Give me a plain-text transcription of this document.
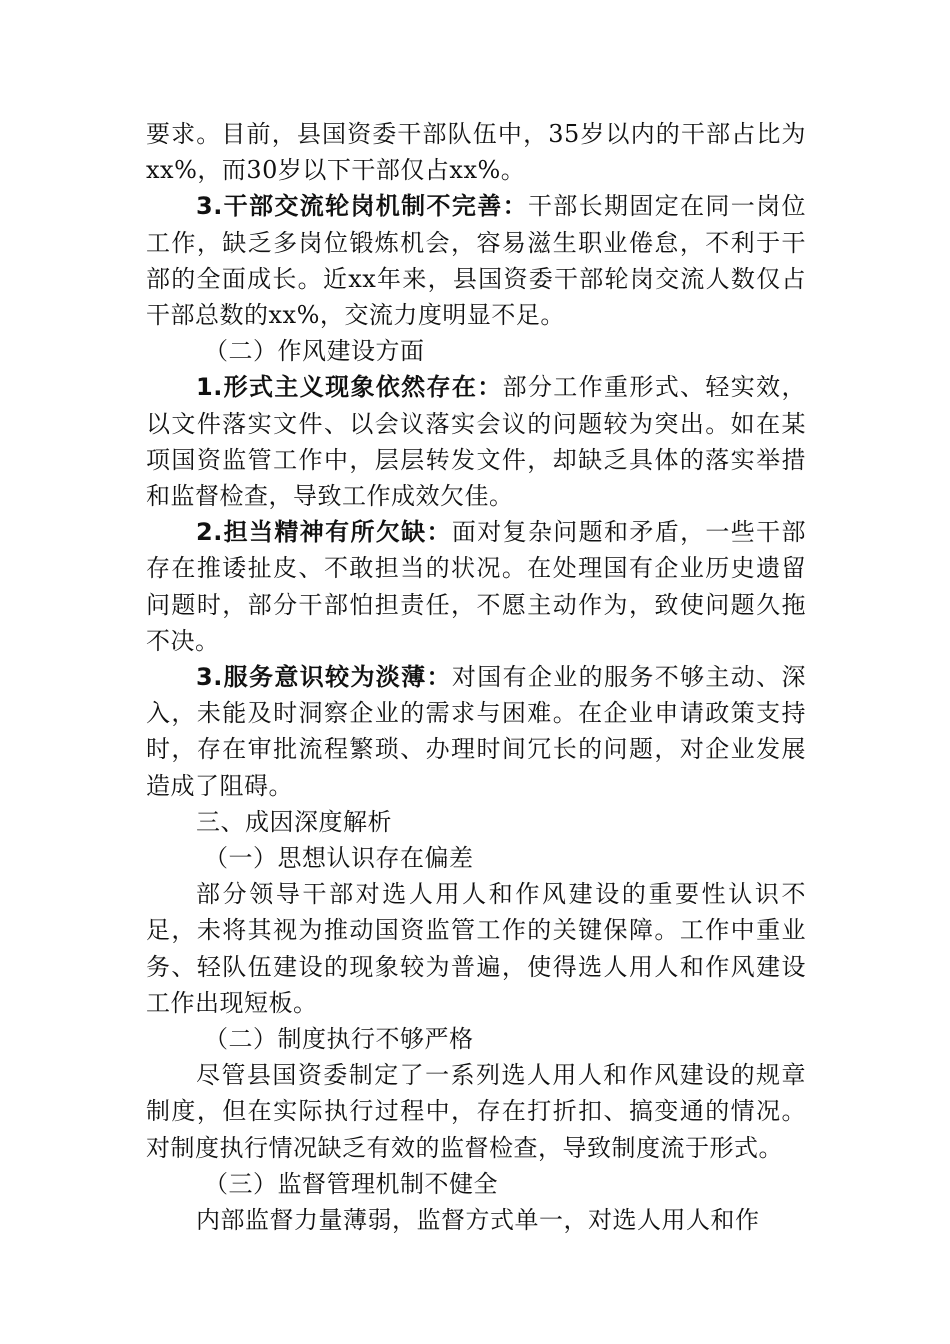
要求。目前，县国资委干部队伍中，35岁以内的干部占比为xx%，而30岁以下干部仅占xx%。

3.干部交流轮岗机制不完善：干部长期固定在同一岗位工作，缺乏多岗位锻炼机会，容易滋生职业倦怠，不利于干部的全面成长。近xx年来，县国资委干部轮岗交流人数仅占干部总数的xx%，交流力度明显不足。

（二）作风建设方面

1.形式主义现象依然存在：部分工作重形式、轻实效，以文件落实文件、以会议落实会议的问题较为突出。如在某项国资监管工作中，层层转发文件，却缺乏具体的落实举措和监督检查，导致工作成效欠佳。

2.担当精神有所欠缺：面对复杂问题和矛盾，一些干部存在推诿扯皮、不敢担当的状况。在处理国有企业历史遗留问题时，部分干部怕担责任，不愿主动作为，致使问题久拖不决。

3.服务意识较为淡薄：对国有企业的服务不够主动、深入，未能及时洞察企业的需求与困难。在企业申请政策支持时，存在审批流程繁琐、办理时间冗长的问题，对企业发展造成了阻碍。

三、成因深度解析

（一）思想认识存在偏差

部分领导干部对选人用人和作风建设的重要性认识不足，未将其视为推动国资监管工作的关键保障。工作中重业务、轻队伍建设的现象较为普遍，使得选人用人和作风建设工作出现短板。

（二）制度执行不够严格

尽管县国资委制定了一系列选人用人和作风建设的规章制度，但在实际执行过程中，存在打折扣、搞变通的情况。对制度执行情况缺乏有效的监督检查，导致制度流于形式。

（三）监督管理机制不健全

内部监督力量薄弱，监督方式单一，对选人用人和作
